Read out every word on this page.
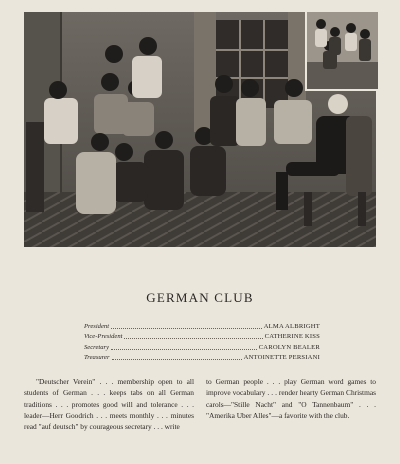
GERMAN CLUB
President	ALMA ALBRIGHT
Vice-President	CATHERINE KISS
Secretary	CAROLYN BEALER
Treasurer	ANTOINETTE PERSIANI

"Deutscher Verein" . . . membership open to all students of German . . . keeps tabs on all German traditions . . . promotes good will and tolerance . . . leader—Herr Goodrich . . . meets monthly . . . minutes read "auf deutsch" by courageous secretary . . . write

to German people . . . play German word games to improve vocabulary . . . render hearty German Christmas carols—"Stille Nacht" and "O Tannenbaum" . . . "Amerika Uber Alles"—a favorite with the club.
